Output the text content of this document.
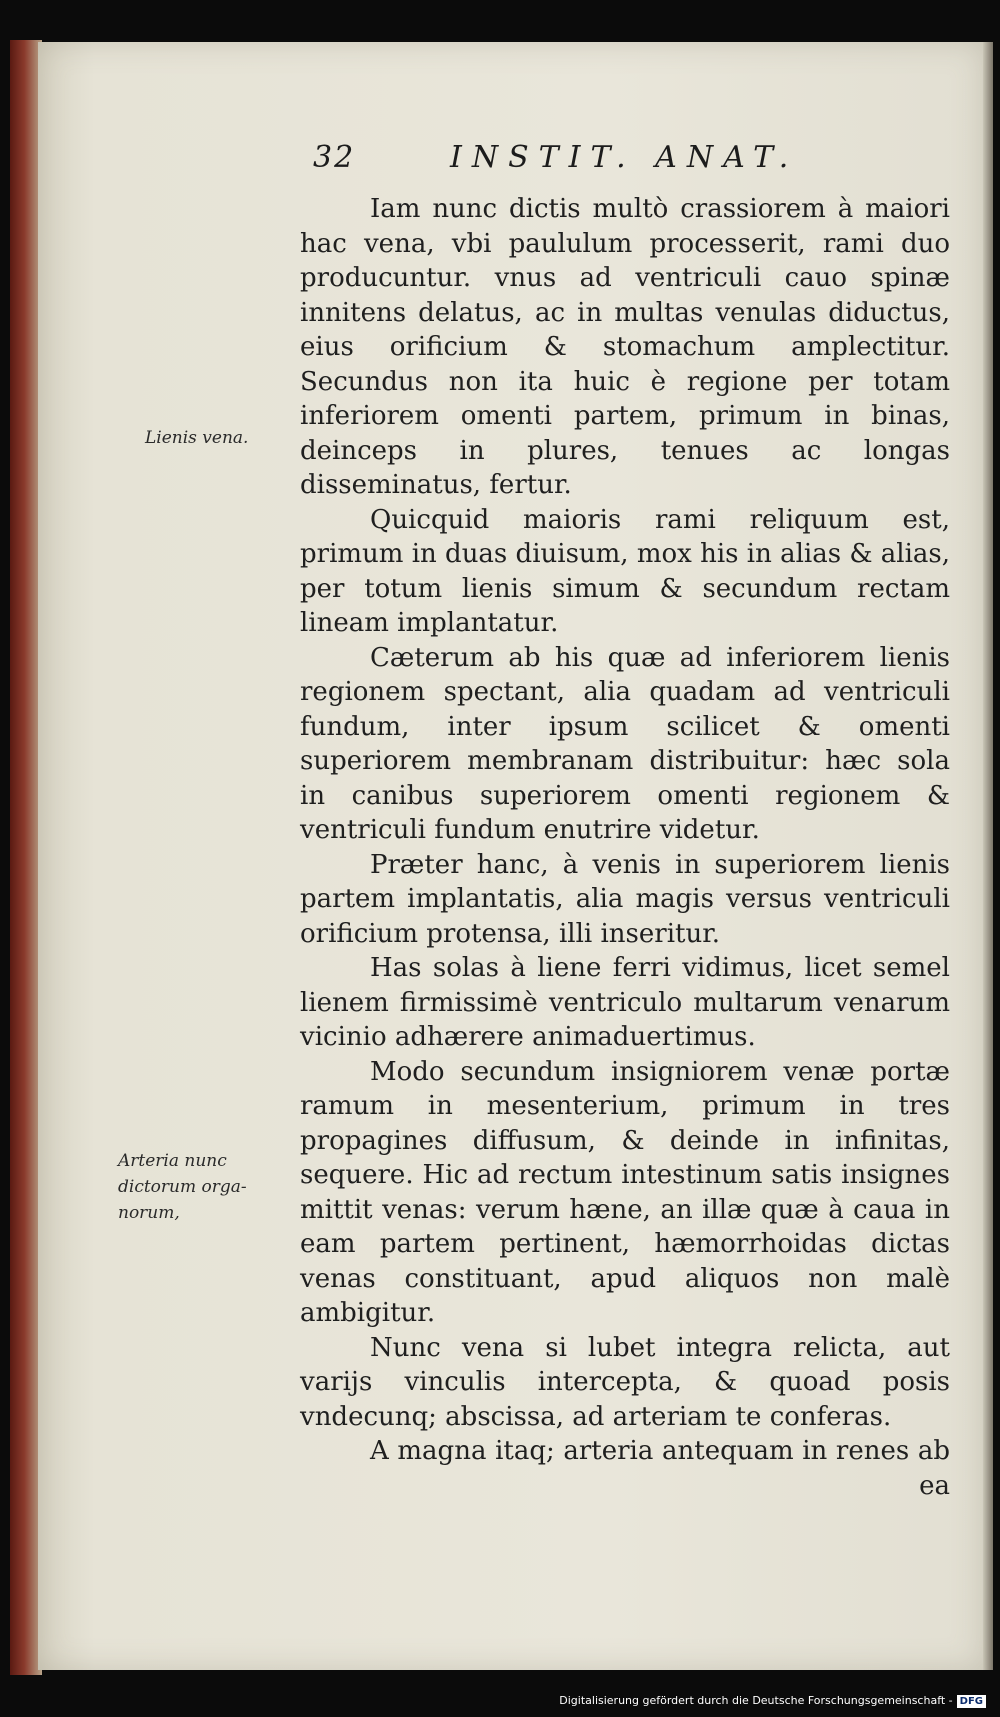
32	INSTIT. ANAT.
Lienis vena.
Arteria nunc
dictorum orga-
norum,

Iam nunc dictis multò crassiorem à maiori hac vena, vbi paululum processerit, rami duo producuntur. vnus ad ventriculi cauo spinæ innitens delatus, ac in multas venulas diductus, eius orificium & stomachum amplectitur. Secundus non ita huic è regione per totam inferiorem omenti partem, primum in binas, deinceps in plures, tenues ac longas disseminatus, fertur.

Quicquid maioris rami reliquum est, primum in duas diuisum, mox his in alias & alias, per totum lienis simum & secundum rectam lineam implantatur.

Cæterum ab his quæ ad inferiorem lienis regionem spectant, alia quadam ad ventriculi fundum, inter ipsum scilicet & omenti superiorem membranam distribuitur: hæc sola in canibus superiorem omenti regionem & ventriculi fundum enutrire videtur.

Præter hanc, à venis in superiorem lienis partem implantatis, alia magis versus ventriculi orificium protensa, illi inseritur.

Has solas à liene ferri vidimus, licet semel lienem firmissimè ventriculo multarum venarum vicinio adhærere animaduertimus.

Modo secundum insigniorem venæ portæ ramum in mesenterium, primum in tres propagines diffusum, & deinde in infinitas, sequere. Hic ad rectum intestinum satis insignes mittit venas: verum hæne, an illæ quæ à caua in eam partem pertinent, hæmorrhoidas dictas venas constituant, apud aliquos non malè ambigitur.

Nunc vena si lubet integra relicta, aut varijs vinculis intercepta, & quoad posis vndecunq; abscissa, ad arteriam te conferas.

A magna itaq; arteria antequam in renes ab ea

Digitalisierung gefördert durch die Deutsche Forschungsgemeinschaft - DFG
